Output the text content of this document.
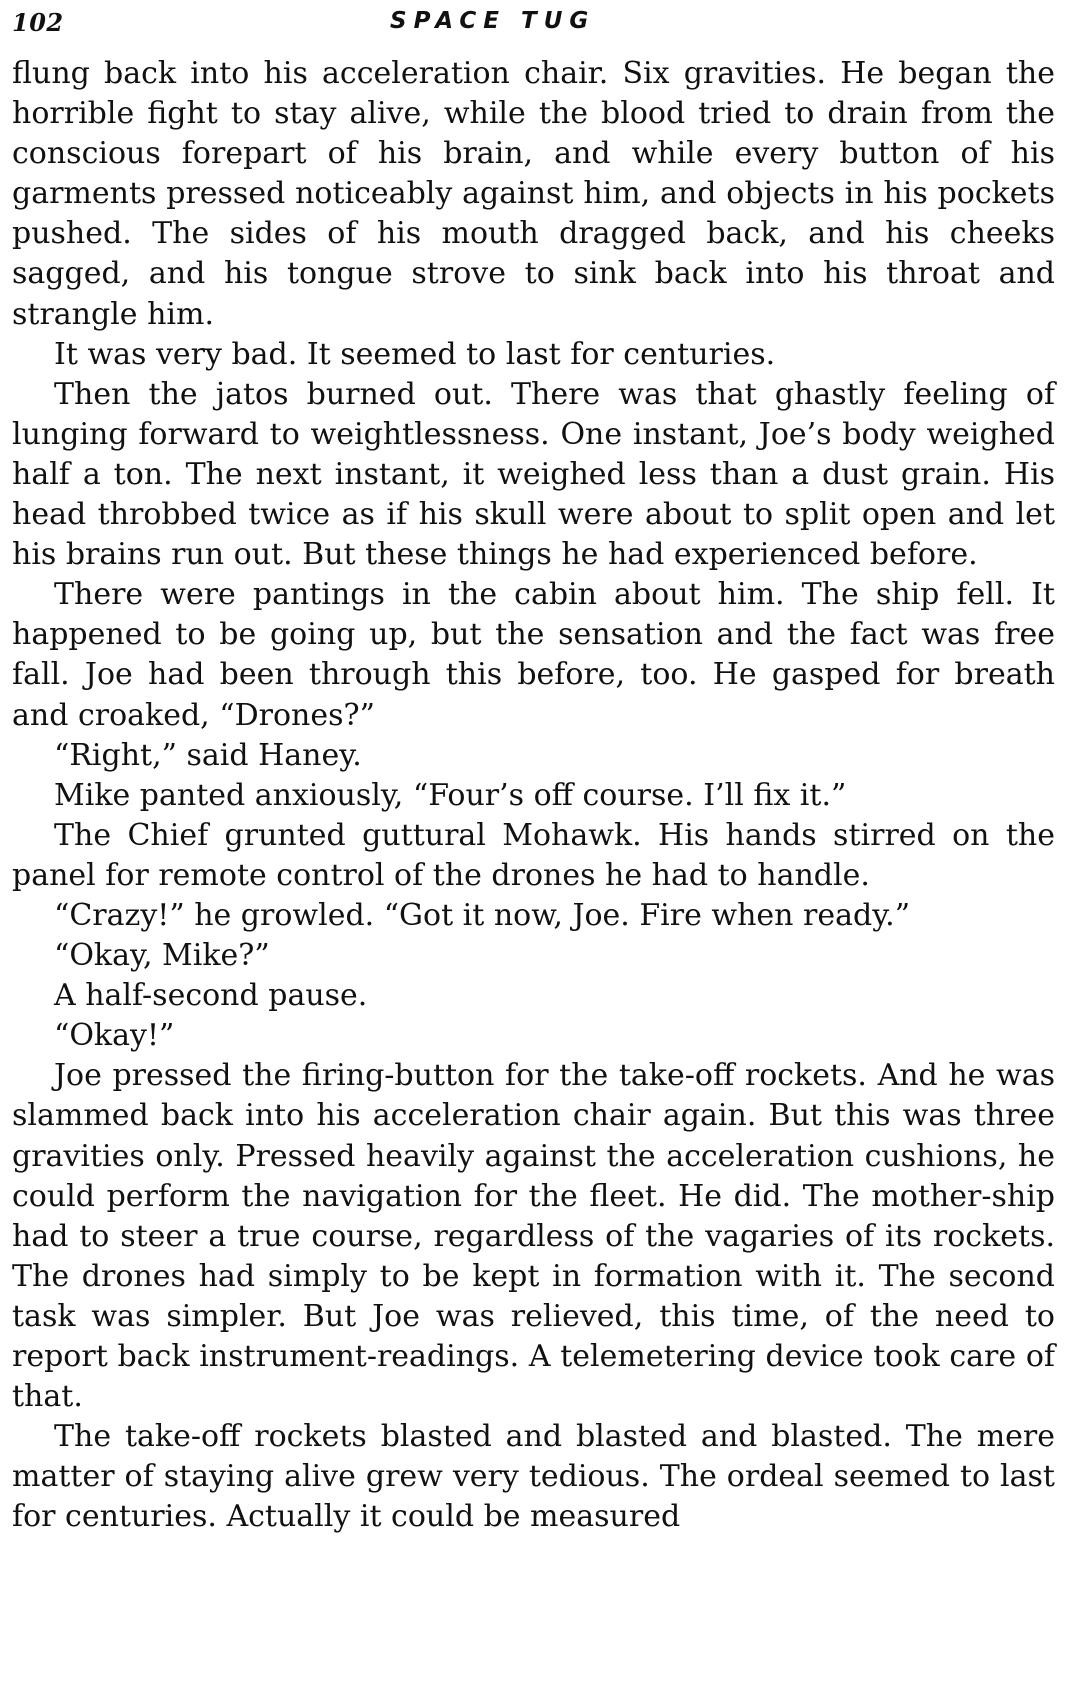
102	SPACE TUG

flung back into his acceleration chair. Six gravities. He began the horrible fight to stay alive, while the blood tried to drain from the conscious forepart of his brain, and while every button of his garments pressed noticeably against him, and objects in his pockets pushed. The sides of his mouth dragged back, and his cheeks sagged, and his tongue strove to sink back into his throat and strangle him.

It was very bad. It seemed to last for centuries.

Then the jatos burned out. There was that ghastly feeling of lunging forward to weightlessness. One instant, Joe’s body weighed half a ton. The next instant, it weighed less than a dust grain. His head throbbed twice as if his skull were about to split open and let his brains run out. But these things he had experienced before.

There were pantings in the cabin about him. The ship fell. It happened to be going up, but the sensation and the fact was free fall. Joe had been through this before, too. He gasped for breath and croaked, “Drones?”

“Right,” said Haney.

Mike panted anxiously, “Four’s off course. I’ll fix it.”

The Chief grunted guttural Mohawk. His hands stirred on the panel for remote control of the drones he had to handle.

“Crazy!” he growled. “Got it now, Joe. Fire when ready.”

“Okay, Mike?”

A half-second pause.

“Okay!”

Joe pressed the firing-button for the take-off rockets. And he was slammed back into his acceleration chair again. But this was three gravities only. Pressed heavily against the acceleration cushions, he could perform the navigation for the fleet. He did. The mother-ship had to steer a true course, regardless of the vagaries of its rockets. The drones had simply to be kept in formation with it. The second task was simpler. But Joe was relieved, this time, of the need to report back instrument-readings. A telemetering device took care of that.

The take-off rockets blasted and blasted and blasted. The mere matter of staying alive grew very tedious. The ordeal seemed to last for centuries. Actually it could be measured
